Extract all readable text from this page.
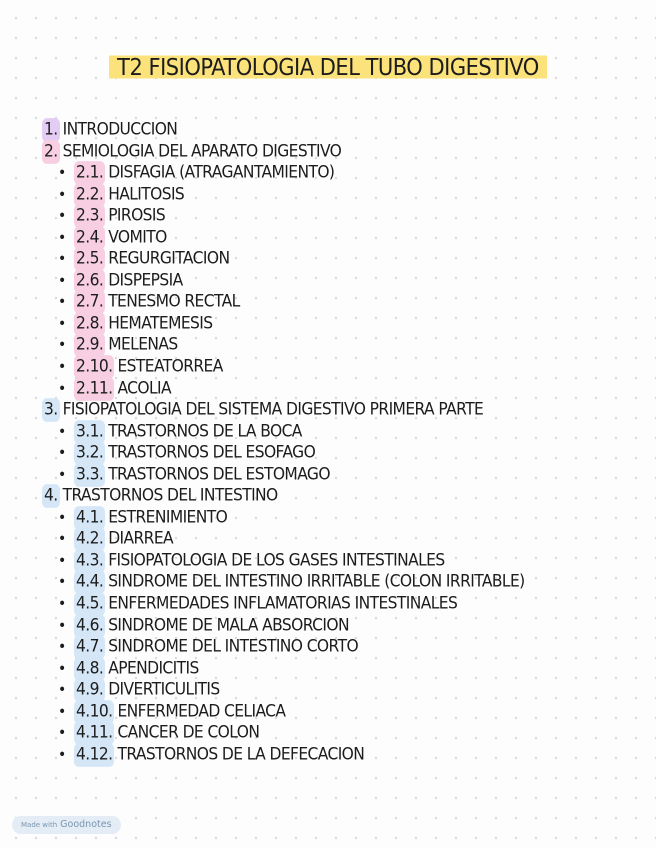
T2 FISIOPATOLOGIA DEL TUBO DIGESTIVO
1. INTRODUCCION
2. SEMIOLOGIA DEL APARATO DIGESTIVO
• 2.1. DISFAGIA (ATRAGANTAMIENTO)
• 2.2. HALITOSIS
• 2.3. PIROSIS
• 2.4. VOMITO
• 2.5. REGURGITACION
• 2.6. DISPEPSIA
• 2.7. TENESMO RECTAL
• 2.8. HEMATEMESIS
• 2.9. MELENAS
• 2.10. ESTEATORREA
• 2.11. ACOLIA
3. FISIOPATOLOGIA DEL SISTEMA DIGESTIVO PRIMERA PARTE
• 3.1. TRASTORNOS DE LA BOCA
• 3.2. TRASTORNOS DEL ESOFAGO
• 3.3. TRASTORNOS DEL ESTOMAGO
4. TRASTORNOS DEL INTESTINO
• 4.1. ESTRENIMIENTO
• 4.2. DIARREA
• 4.3. FISIOPATOLOGIA DE LOS GASES INTESTINALES
• 4.4. SINDROME DEL INTESTINO IRRITABLE (COLON IRRITABLE)
• 4.5. ENFERMEDADES INFLAMATORIAS INTESTINALES
• 4.6. SINDROME DE MALA ABSORCION
• 4.7. SINDROME DEL INTESTINO CORTO
• 4.8. APENDICITIS
• 4.9. DIVERTICULITIS
• 4.10. ENFERMEDAD CELIACA
• 4.11. CANCER DE COLON
• 4.12. TRASTORNOS DE LA DEFECACION
Made with Goodnotes
